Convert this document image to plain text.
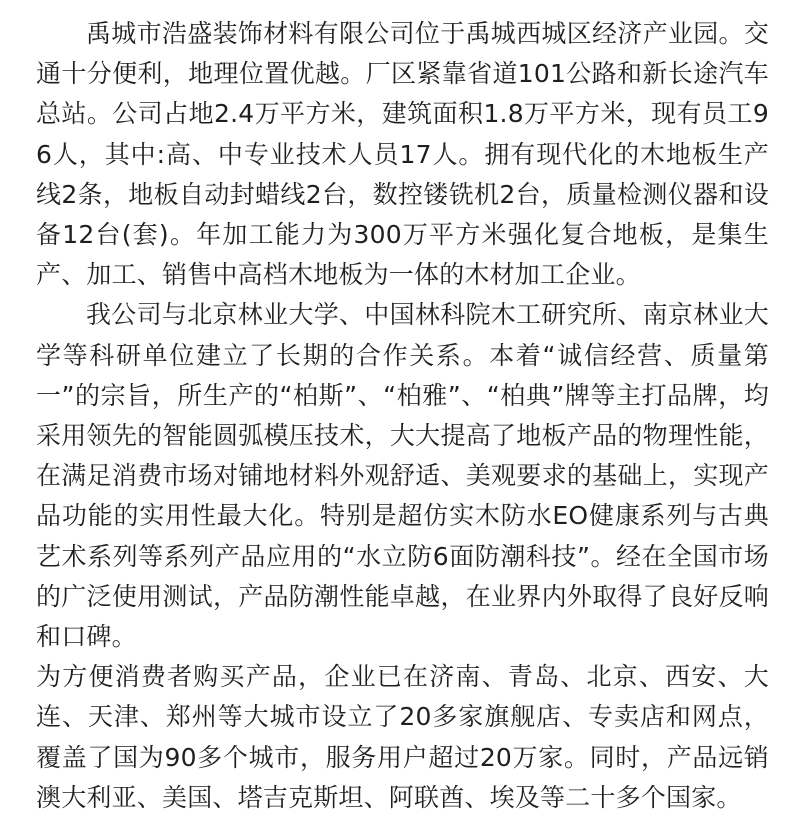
禹城市浩盛装饰材料有限公司位于禹城西城区经济产业园。交通十分便利，地理位置优越。厂区紧靠省道101公路和新长途汽车总站。公司占地2.4万平方米，建筑面积1.8万平方米，现有员工96人，其中:高、中专业技术人员17人。拥有现代化的木地板生产线2条，地板自动封蜡线2台，数控镂铣机2台，质量检测仪器和设备12台(套)。年加工能力为300万平方米强化复合地板，是集生产、加工、销售中高档木地板为一体的木材加工企业。

我公司与北京林业大学、中国林科院木工研究所、南京林业大学等科研单位建立了长期的合作关系。本着“诚信经营、质量第一”的宗旨，所生产的“柏斯”、“柏雅”、“柏典”牌等主打品牌，均采用领先的智能圆弧模压技术，大大提高了地板产品的物理性能，在满足消费市场对铺地材料外观舒适、美观要求的基础上，实现产品功能的实用性最大化。特别是超仿实木防水EO健康系列与古典艺术系列等系列产品应用的“水立防6面防潮科技”。经在全国市场的广泛使用测试，产品防潮性能卓越，在业界内外取得了良好反响和口碑。

为方便消费者购买产品，企业已在济南、青岛、北京、西安、大连、天津、郑州等大城市设立了20多家旗舰店、专卖店和网点，覆盖了国为90多个城市，服务用户超过20万家。同时，产品远销澳大利亚、美国、塔吉克斯坦、阿联酋、埃及等二十多个国家。
